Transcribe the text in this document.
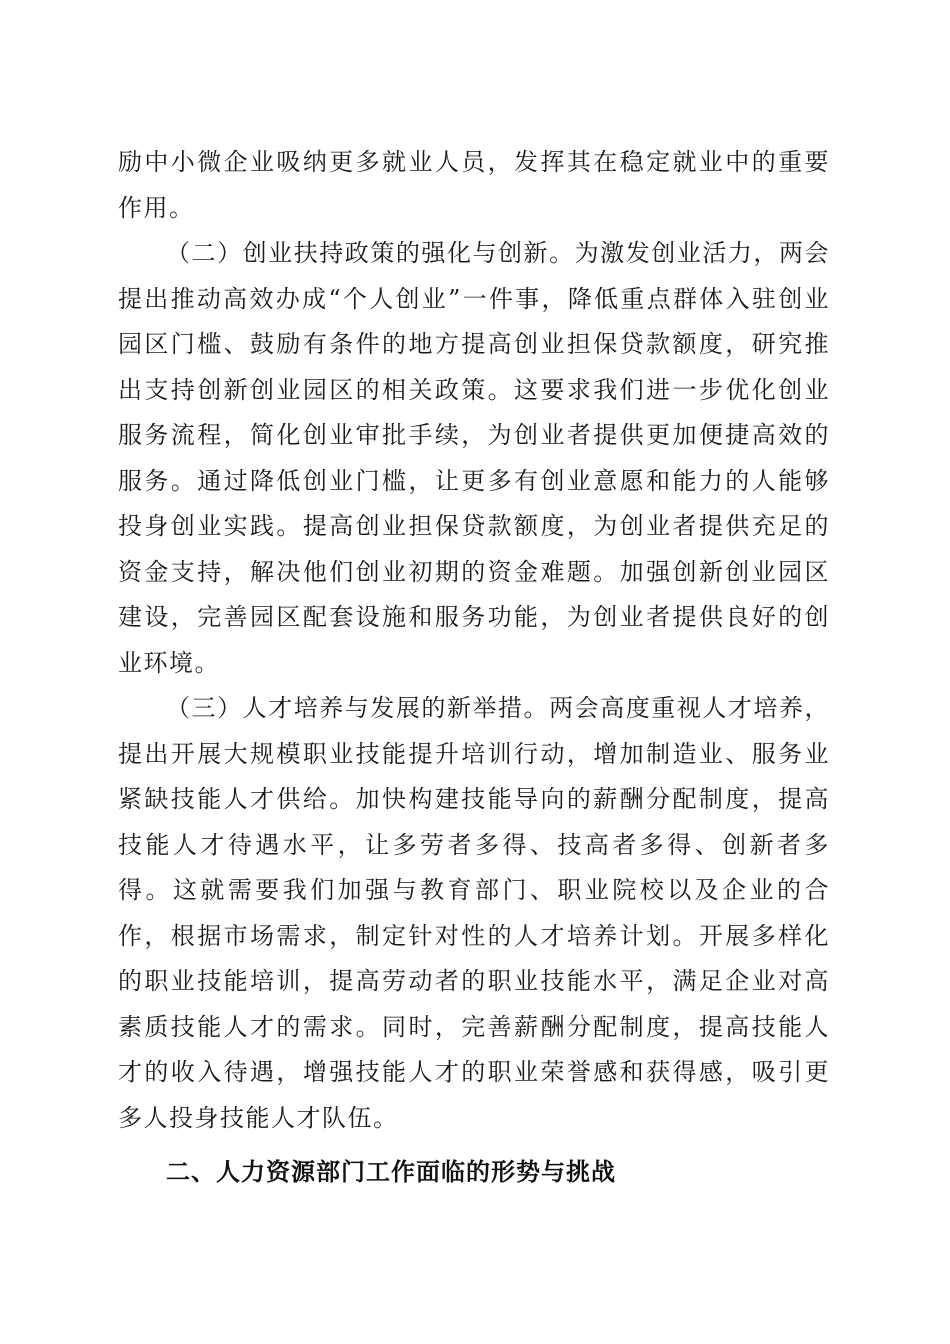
励中小微企业吸纳更多就业人员，发挥其在稳定就业中的重要作用。

（二）创业扶持政策的强化与创新。为激发创业活力，两会提出推动高效办成“个人创业”一件事，降低重点群体入驻创业园区门槛、鼓励有条件的地方提高创业担保贷款额度，研究推出支持创新创业园区的相关政策。这要求我们进一步优化创业服务流程，简化创业审批手续，为创业者提供更加便捷高效的服务。通过降低创业门槛，让更多有创业意愿和能力的人能够投身创业实践。提高创业担保贷款额度，为创业者提供充足的资金支持，解决他们创业初期的资金难题。加强创新创业园区建设，完善园区配套设施和服务功能，为创业者提供良好的创业环境。

（三）人才培养与发展的新举措。两会高度重视人才培养，提出开展大规模职业技能提升培训行动，增加制造业、服务业紧缺技能人才供给。加快构建技能导向的薪酬分配制度，提高技能人才待遇水平，让多劳者多得、技高者多得、创新者多得。这就需要我们加强与教育部门、职业院校以及企业的合作，根据市场需求，制定针对性的人才培养计划。开展多样化的职业技能培训，提高劳动者的职业技能水平，满足企业对高素质技能人才的需求。同时，完善薪酬分配制度，提高技能人才的收入待遇，增强技能人才的职业荣誉感和获得感，吸引更多人投身技能人才队伍。

二、人力资源部门工作面临的形势与挑战
